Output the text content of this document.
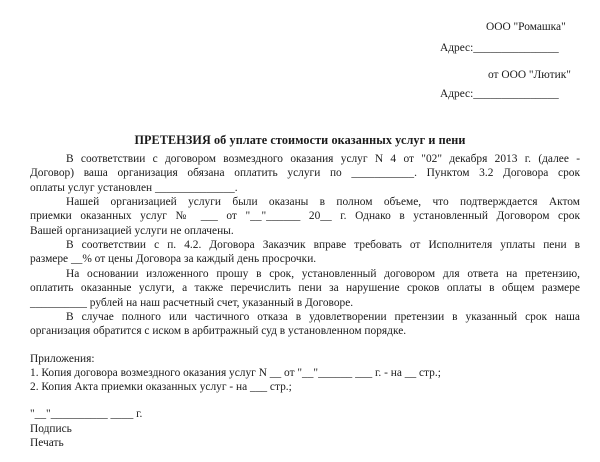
ООО "Ромашка"
Адрес:_______________
от ООО "Лютик"
Адрес:_______________
ПРЕТЕНЗИЯ об уплате стоимости оказанных услуг и пени
В соответствии с договором возмездного оказания услуг N 4 от "02" декабря 2013 г. (далее -
Договор) ваша организация обязана оплатить услуги по ___________. Пунктом 3.2 Договора срок
оплаты услуг установлен ______________.
Нашей организацией услуги были оказаны в полном объеме, что подтверждается Актом
приемки оказанных услуг № ___ от "__"______ 20__ г. Однако в установленный Договором срок
Вашей организацией услуги не оплачены.
В соответствии с п. 4.2. Договора Заказчик вправе требовать от Исполнителя уплаты пени в
размере __% от цены Договора за каждый день просрочки.
На основании изложенного прошу в срок, установленный договором для ответа на претензию,
оплатить оказанные услуги, а также перечислить пени за нарушение сроков оплаты в общем размере
__________ рублей на наш расчетный счет, указанный в Договоре.
В случае полного или частичного отказа в удовлетворении претензии в указанный срок наша
организация обратится с иском в арбитражный суд в установленном порядке.
Приложения:
1. Копия договора возмездного оказания услуг N __ от "__"______ ___ г. - на __ стр.;
2. Копия Акта приемки оказанных услуг - на ___ стр.;
"__"__________ ____ г.
Подпись
Печать
